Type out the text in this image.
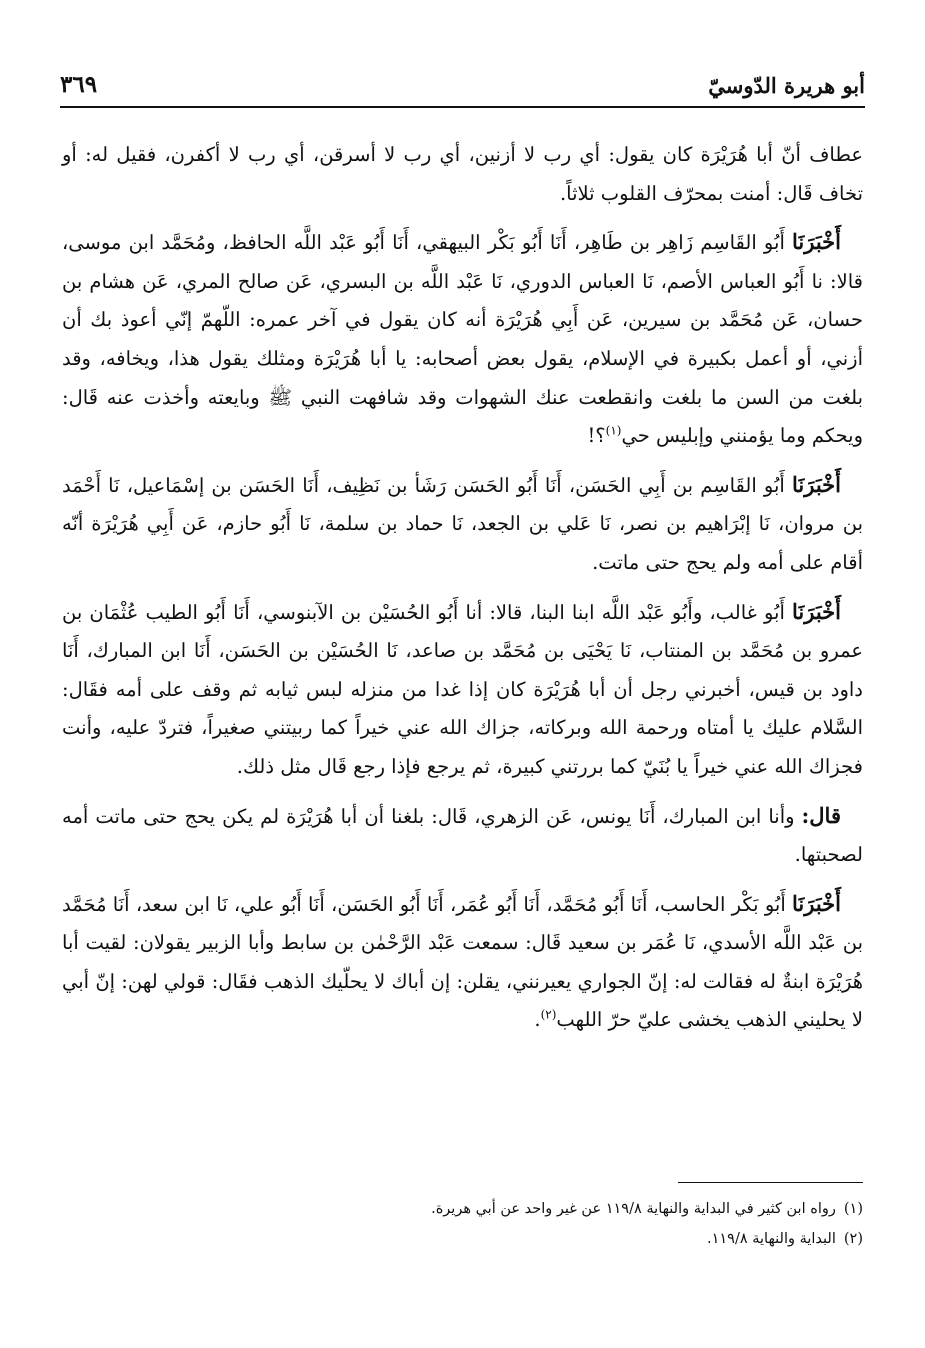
أبو هريرة الدّوسيّ
٣٦٩

عطاف أنّ أبا هُرَيْرَة كان يقول: أي رب لا أزنين، أي رب لا أسرقن، أي رب لا أكفرن، فقيل له: أو تخاف قَال: أمنت بمحرّف القلوب ثلاثاً.

أَخْبَرَنَا أَبُو القَاسِم زَاهِر بن طَاهِر، أَنَا أَبُو بَكْر البيهقي، أَنَا أَبُو عَبْد اللَّه الحافظ، ومُحَمَّد ابن موسى، قالا: نا أَبُو العباس الأصم، نَا العباس الدوري، نَا عَبْد اللَّه بن البسري، عَن صالح المري، عَن هشام بن حسان، عَن مُحَمَّد بن سيرين، عَن أَبِي هُرَيْرَة أنه كان يقول في آخر عمره: اللّهمّ إنّي أعوذ بك أن أزني، أو أعمل بكبيرة في الإسلام، يقول بعض أصحابه: يا أبا هُرَيْرَة ومثلك يقول هذا، ويخافه، وقد بلغت من السن ما بلغت وانقطعت عنك الشهوات وقد شافهت النبي ﷺ وبايعته وأخذت عنه قَال: ويحكم وما يؤمنني وإبليس حي$^{(١)}$؟!

أَخْبَرَنَا أَبُو القَاسِم بن أَبِي الحَسَن، أَنَا أَبُو الحَسَن رَشَأ بن نَظِيف، أَنَا الحَسَن بن إسْمَاعيل، نَا أَحْمَد بن مروان، نَا إبْرَاهيم بن نصر، نَا عَلي بن الجعد، نَا حماد بن سلمة، نَا أَبُو حازم، عَن أَبِي هُرَيْرَة أنّه أقام على أمه ولم يحج حتى ماتت.

أَخْبَرَنَا أَبُو غالب، وأَبُو عَبْد اللَّه ابنا البنا، قالا: أنا أَبُو الحُسَيْن بن الآبنوسي، أَنَا أَبُو الطيب عُثْمَان بن عمرو بن مُحَمَّد بن المنتاب، نَا يَحْيَى بن مُحَمَّد بن صاعد، نَا الحُسَيْن بن الحَسَن، أَنَا ابن المبارك، أَنَا داود بن قيس، أخبرني رجل أن أبا هُرَيْرَة كان إذا غدا من منزله لبس ثيابه ثم وقف على أمه فقَال: السَّلام عليك يا أمتاه ورحمة الله وبركاته، جزاك الله عني خيراً كما ربيتني صغيراً، فتردّ عليه، وأنت فجزاك الله عني خيراً يا بُنَيّ كما بررتني كبيرة، ثم يرجع فإذا رجع قَال مثل ذلك.

قال: وأنا ابن المبارك، أَنَا يونس، عَن الزهري، قَال: بلغنا أن أبا هُرَيْرَة لم يكن يحج حتى ماتت أمه لصحبتها.

أَخْبَرَنَا أَبُو بَكْر الحاسب، أَنَا أَبُو مُحَمَّد، أَنَا أَبُو عُمَر، أَنَا أَبُو الحَسَن، أَنَا أَبُو علي، نَا ابن سعد، أَنَا مُحَمَّد بن عَبْد اللَّه الأسدي، نَا عُمَر بن سعيد قَال: سمعت عَبْد الرَّحْمٰن بن سابط وأبا الزبير يقولان: لقيت أبا هُرَيْرَة ابنةٌ له فقالت له: إنّ الجواري يعيرنني، يقلن: إن أباك لا يحلّيك الذهب فقَال: قولي لهن: إنّ أبي لا يحليني الذهب يخشى عليّ حرّ اللهب$^{(٢)}$.

(١)رواه ابن كثير في البداية والنهاية ١١٩/٨ عن غير واحد عن أبي هريرة.

(٢)البداية والنهاية ١١٩/٨.
